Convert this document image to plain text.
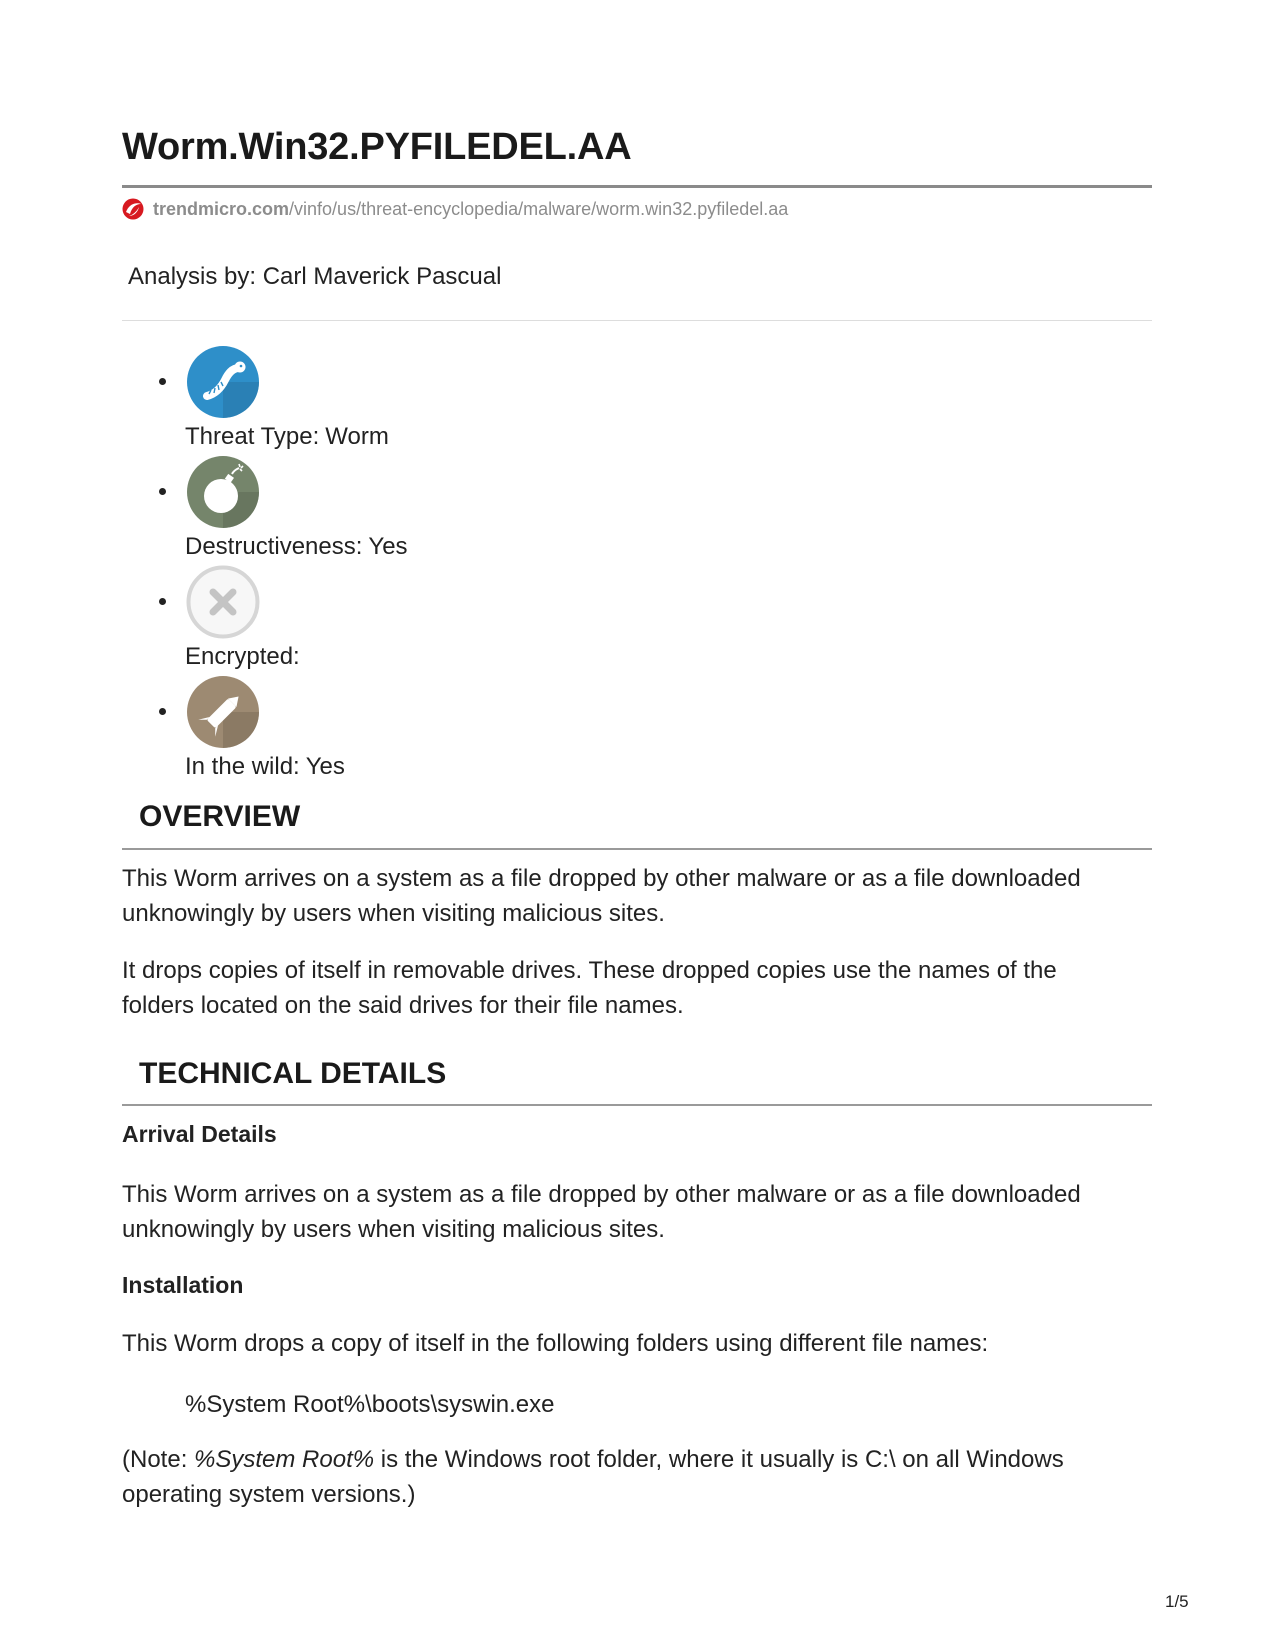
Worm.Win32.PYFILEDEL.AA
trendmicro.com /vinfo/us/threat-encyclopedia/malware/worm.win32.pyfiledel.aa
Analysis by: Carl Maverick Pascual
Threat Type: Worm
Destructiveness: Yes
Encrypted:
In the wild: Yes
OVERVIEW

This Worm arrives on a system as a file dropped by other malware or as a file downloaded unknowingly by users when visiting malicious sites.

It drops copies of itself in removable drives. These dropped copies use the names of the folders located on the said drives for their file names.

TECHNICAL DETAILS
Arrival Details

This Worm arrives on a system as a file dropped by other malware or as a file downloaded unknowingly by users when visiting malicious sites.

Installation

This Worm drops a copy of itself in the following folders using different file names:

%System Root%\boots\syswin.exe

(Note: %System Root% is the Windows root folder, where it usually is C:\ on all Windows operating system versions.)

1/5
